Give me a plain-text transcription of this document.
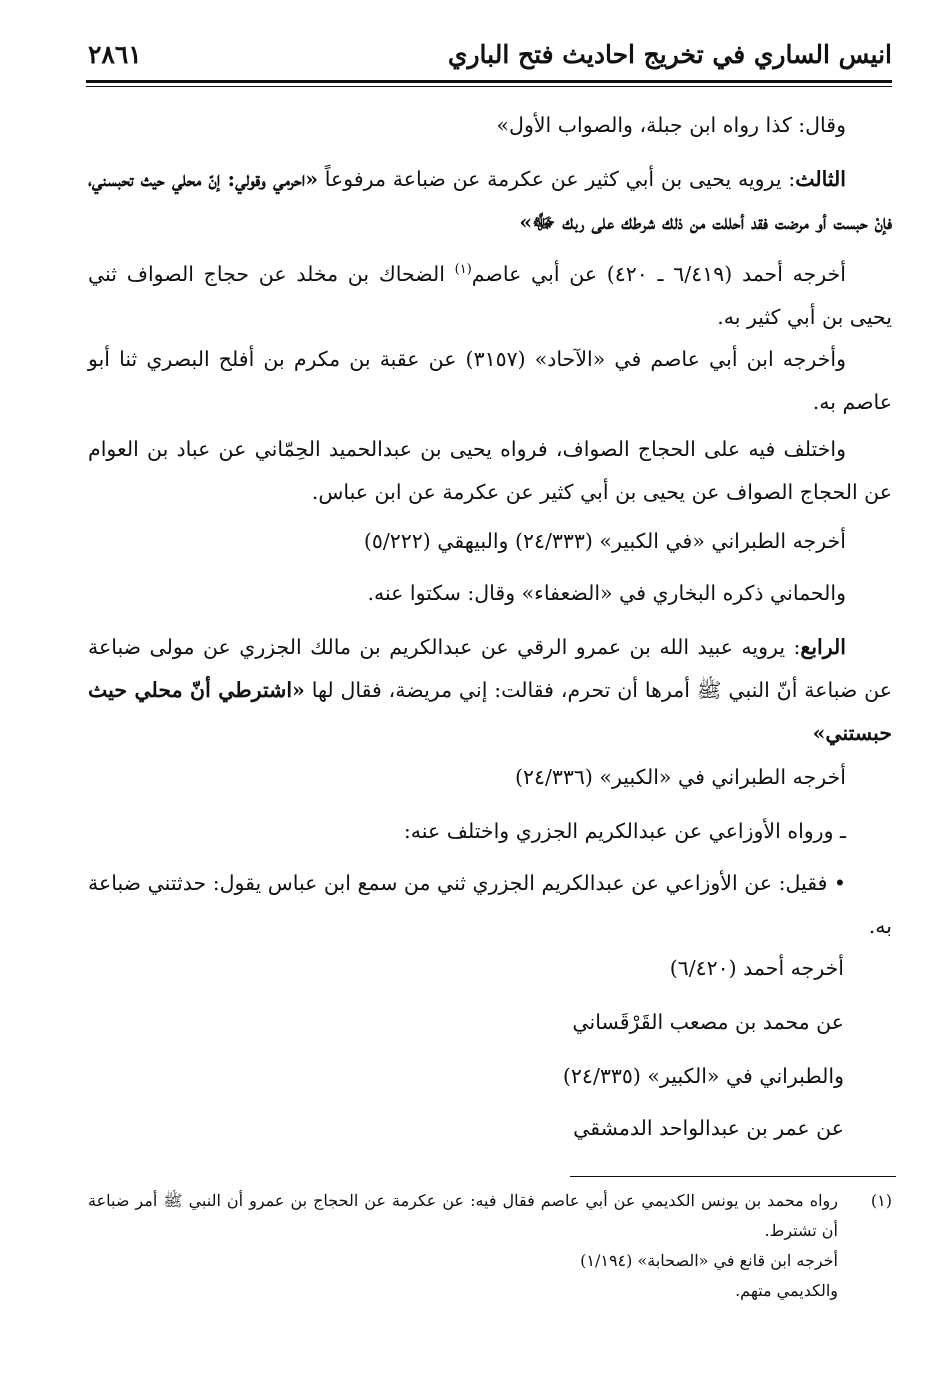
انيس الساري في تخريج احاديث فتح الباري
٢٨٦١
وقال: كذا رواه ابن جبلة، والصواب الأول»
الثالث: يرويه يحيى بن أبي كثير عن عكرمة عن ضباعة مرفوعاً «احرمي وقولي: إنّ محلي حيث تحبسني، فإنْ حبست أو مرضت فقد أحللت من ذلك شرطك على ربك ﷻ»
أخرجه أحمد (٦/٤١٩ ـ ٤٢٠) عن أبي عاصم$^{(١)}$ الضحاك بن مخلد عن حجاج الصواف ثني يحيى بن أبي كثير به.
وأخرجه ابن أبي عاصم في «الآحاد» (٣١٥٧) عن عقبة بن مكرم بن أفلح البصري ثنا أبو عاصم به.
واختلف فيه على الحجاج الصواف، فرواه يحيى بن عبدالحميد الحِمّاني عن عباد بن العوام عن الحجاج الصواف عن يحيى بن أبي كثير عن عكرمة عن ابن عباس.
أخرجه الطبراني «في الكبير» (٢٤/٣٣٣) والبيهقي (٥/٢٢٢)
والحماني ذكره البخاري في «الضعفاء» وقال: سكتوا عنه.
الرابع: يرويه عبيد الله بن عمرو الرقي عن عبدالكريم بن مالك الجزري عن مولى ضباعة عن ضباعة أنّ النبي ﷺ أمرها أن تحرم، فقالت: إني مريضة، فقال لها «اشترطي أنّ محلي حيث حبستني»
أخرجه الطبراني في «الكبير» (٢٤/٣٣٦)
ـ ورواه الأوزاعي عن عبدالكريم الجزري واختلف عنه:
• فقيل: عن الأوزاعي عن عبدالكريم الجزري ثني من سمع ابن عباس يقول: حدثتني ضباعة به.
أخرجه أحمد (٦/٤٢٠)
عن محمد بن مصعب القَرْقَساني
والطبراني في «الكبير» (٢٤/٣٣٥)
عن عمر بن عبدالواحد الدمشقي
(١)
رواه محمد بن يونس الكديمي عن أبي عاصم فقال فيه: عن عكرمة عن الحجاج بن عمرو أن النبي ﷺ أمر ضباعة أن تشترط.
أخرجه ابن قانع في «الصحابة» (١/١٩٤)
والكديمي متهم.
